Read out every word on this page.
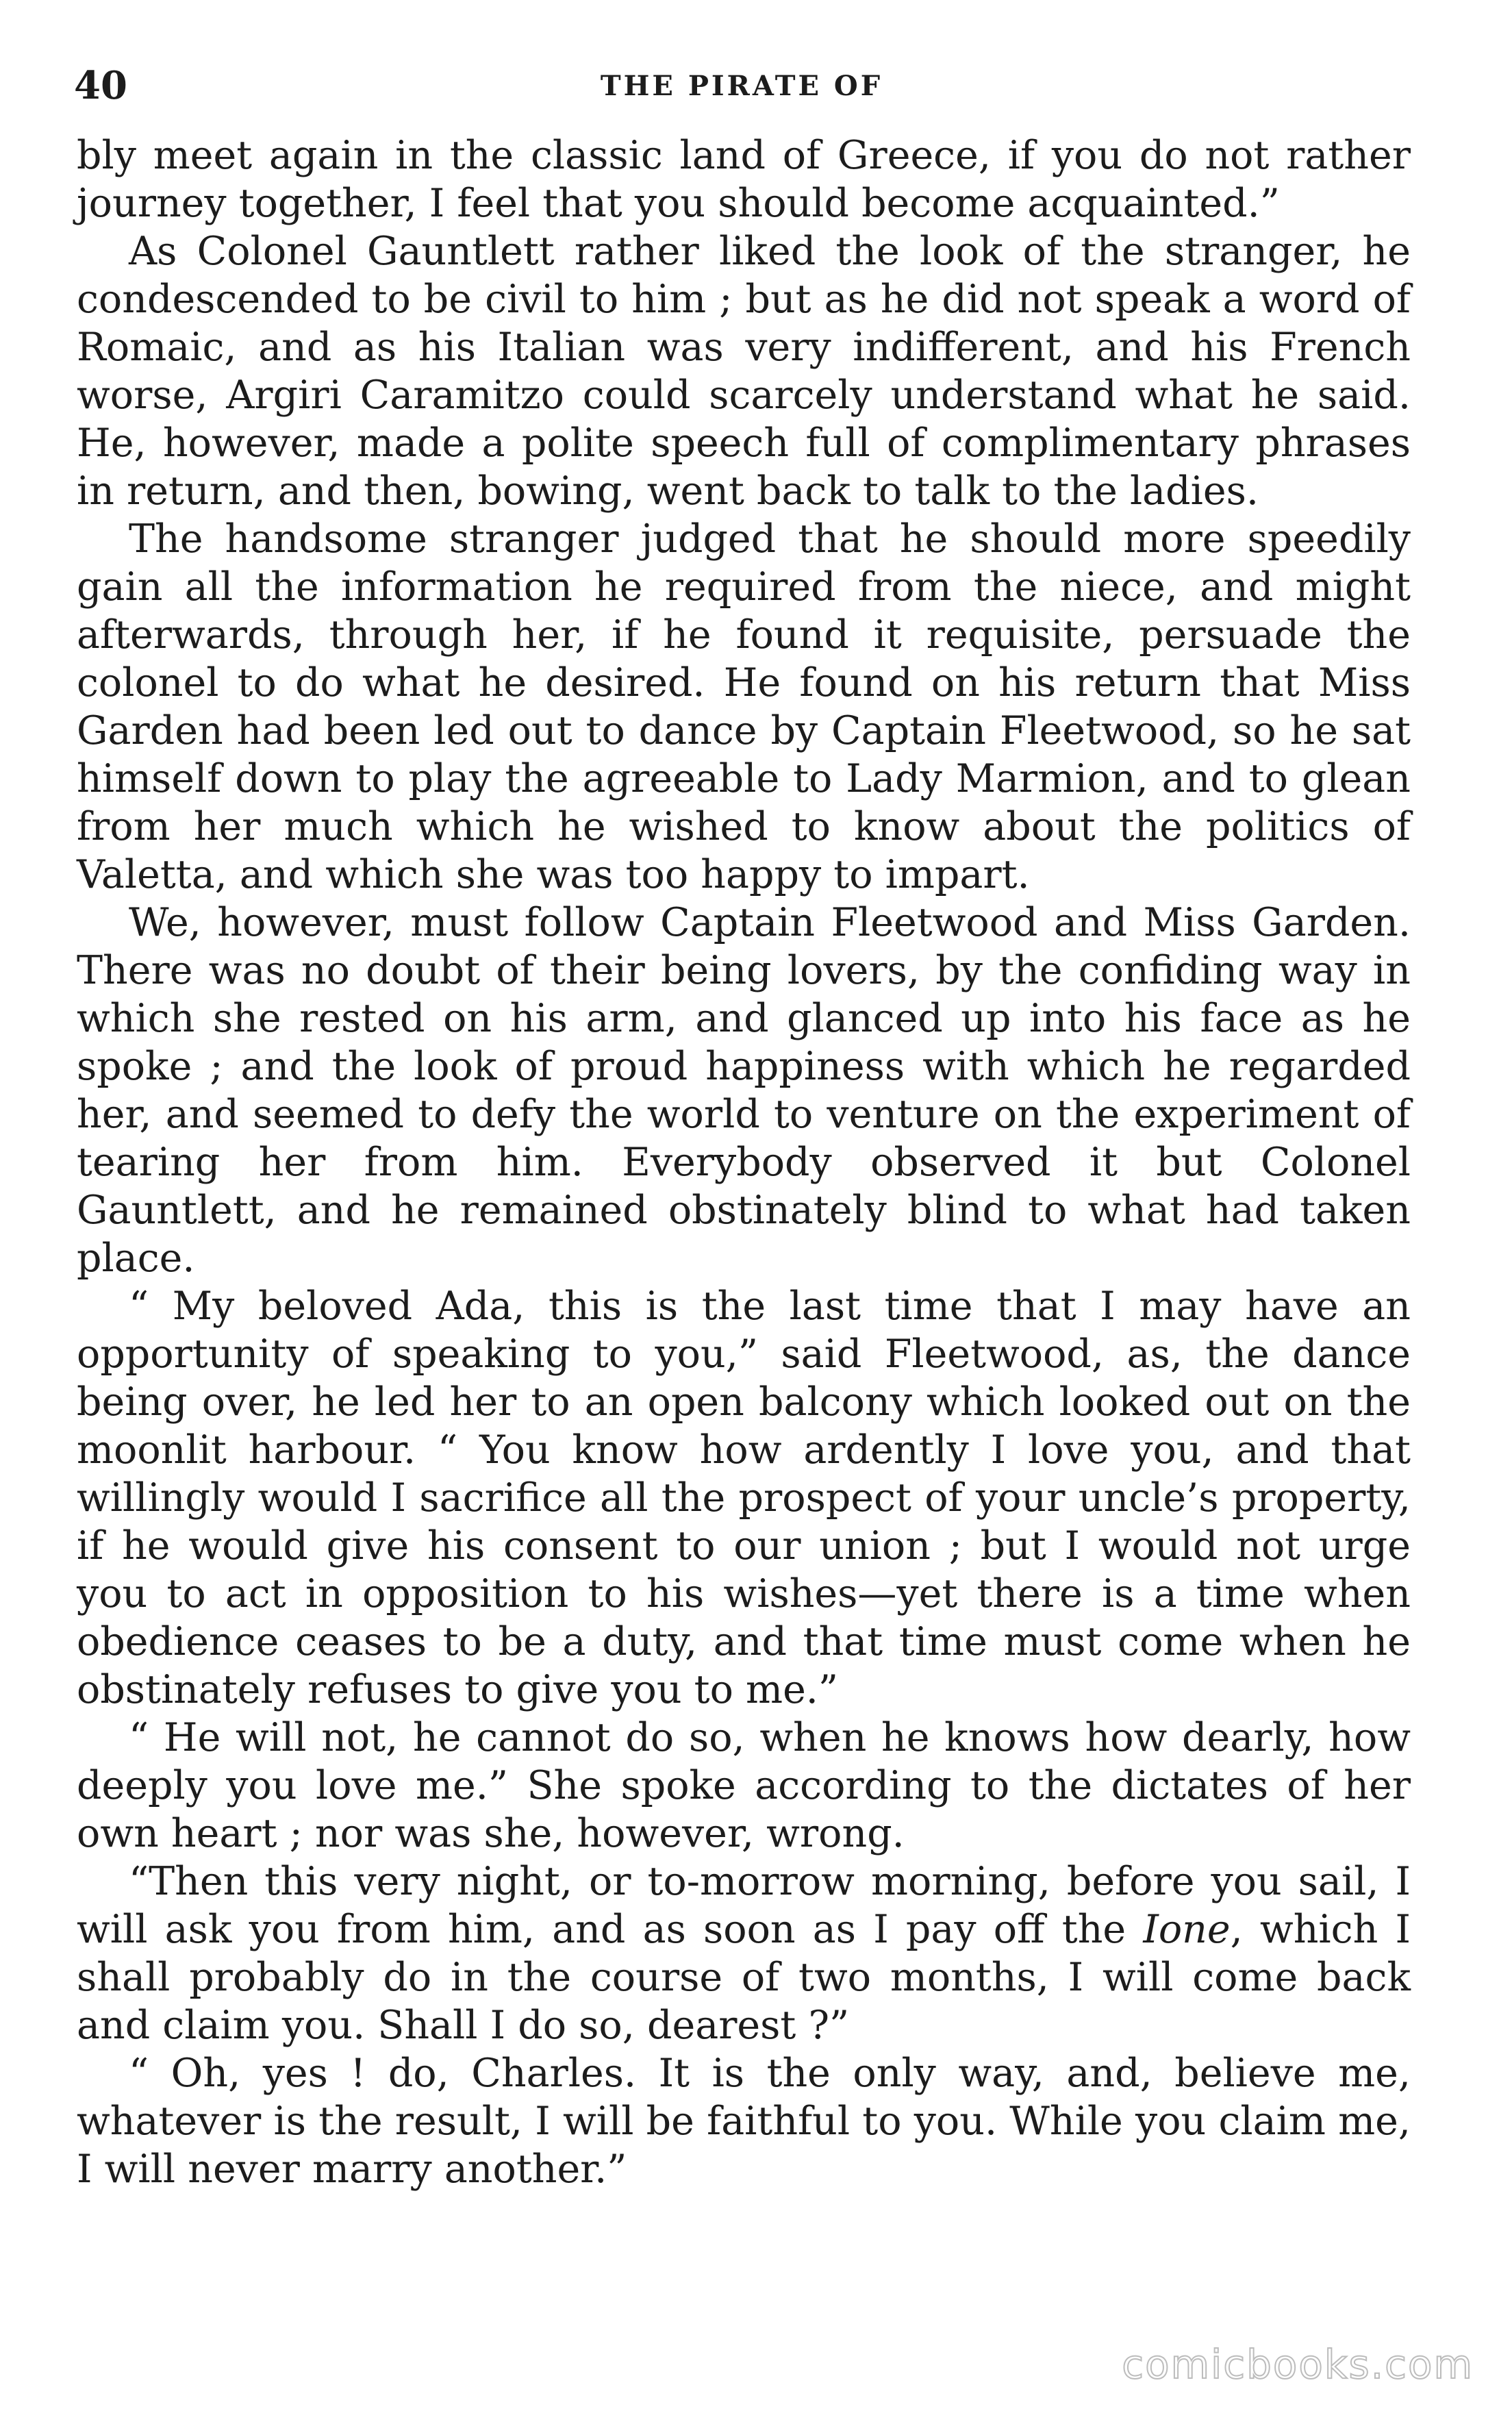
40	THE PIRATE OF

bly meet again in the classic land of Greece, if you do not rather journey together, I feel that you should become acquainted.”

As Colonel Gauntlett rather liked the look of the stranger, he condescended to be civil to him ; but as he did not speak a word of Romaic, and as his Italian was very indifferent, and his French worse, Argiri Caramitzo could scarcely understand what he said. He, however, made a polite speech full of complimentary phrases in return, and then, bowing, went back to talk to the ladies.

The handsome stranger judged that he should more speedily gain all the information he required from the niece, and might afterwards, through her, if he found it requisite, persuade the colonel to do what he desired. He found on his return that Miss Garden had been led out to dance by Captain Fleetwood, so he sat himself down to play the agreeable to Lady Marmion, and to glean from her much which he wished to know about the politics of Valetta, and which she was too happy to impart.

We, however, must follow Captain Fleetwood and Miss Garden. There was no doubt of their being lovers, by the confiding way in which she rested on his arm, and glanced up into his face as he spoke ; and the look of proud happiness with which he regarded her, and seemed to defy the world to venture on the experiment of tearing her from him. Everybody observed it but Colonel Gauntlett, and he remained obstinately blind to what had taken place.

“ My beloved Ada, this is the last time that I may have an opportunity of speaking to you,” said Fleetwood, as, the dance being over, he led her to an open balcony which looked out on the moonlit harbour. “ You know how ardently I love you, and that willingly would I sacrifice all the prospect of your uncle’s property, if he would give his consent to our union ; but I would not urge you to act in opposition to his wishes—yet there is a time when obedience ceases to be a duty, and that time must come when he obstinately refuses to give you to me.”

“ He will not, he cannot do so, when he knows how dearly, how deeply you love me.” She spoke according to the dictates of her own heart ; nor was she, however, wrong.

“Then this very night, or to-morrow morning, before you sail, I will ask you from him, and as soon as I pay off the Ione, which I shall probably do in the course of two months, I will come back and claim you. Shall I do so, dearest ?”

“ Oh, yes ! do, Charles. It is the only way, and, believe me, whatever is the result, I will be faithful to you. While you claim me, I will never marry another.”

comicbooks.com
